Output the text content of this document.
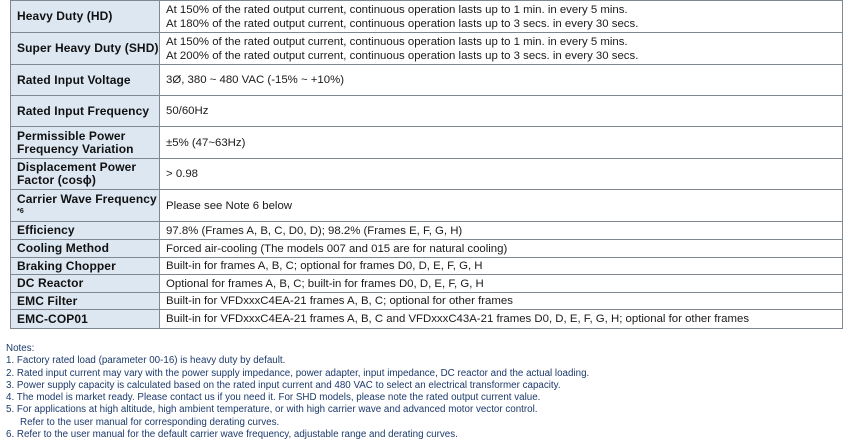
Heavy Duty (HD)	At 150% of the rated output current, continuous operation lasts up to 1 min. in every 5 mins.
At 180% of the rated output current, continuous operation lasts up to 3 secs. in every 30 secs.

Super Heavy Duty (SHD)	At 150% of the rated output current, continuous operation lasts up to 1 min. in every 5 mins.
At 200% of the rated output current, continuous operation lasts up to 3 secs. in every 30 secs.

Rated Input Voltage	3Ø, 380 ~ 480 VAC (-15% ~ +10%)
Rated Input Frequency	50/60Hz
Permissible Power Frequency Variation	±5% (47~63Hz)
Displacement Power Factor (cosϕ)	> 0.98
Carrier Wave Frequency $^{*6}$	Please see Note 6 below
Efficiency	97.8% (Frames A, B, C, D0, D); 98.2% (Frames E, F, G, H)
Cooling Method	Forced air-cooling (The models 007 and 015 are for natural cooling)
Braking Chopper	Built-in for frames A, B, C; optional for frames D0, D, E, F, G, H
DC Reactor	Optional for frames A, B, C; built-in for frames D0, D, E, F, G, H
EMC Filter	Built-in for VFDxxxC4EA-21 frames A, B, C; optional for other frames
EMC-COP01	Built-in for VFDxxxC4EA-21 frames A, B, C and VFDxxxC43A-21 frames D0, D, E, F, G, H; optional for other frames
Notes:
1. Factory rated load (parameter 00-16) is heavy duty by default.
2. Rated input current may vary with the power supply impedance, power adapter, input impedance, DC reactor and the actual loading.
3. Power supply capacity is calculated based on the rated input current and 480 VAC to select an electrical transformer capacity.
4. The model is market ready. Please contact us if you need it. For SHD models, please note the rated output current value.
5. For applications at high altitude, high ambient temperature, or with high carrier wave and advanced motor vector control.
Refer to the user manual for corresponding derating curves.
6. Refer to the user manual for the default carrier wave frequency, adjustable range and derating curves.
